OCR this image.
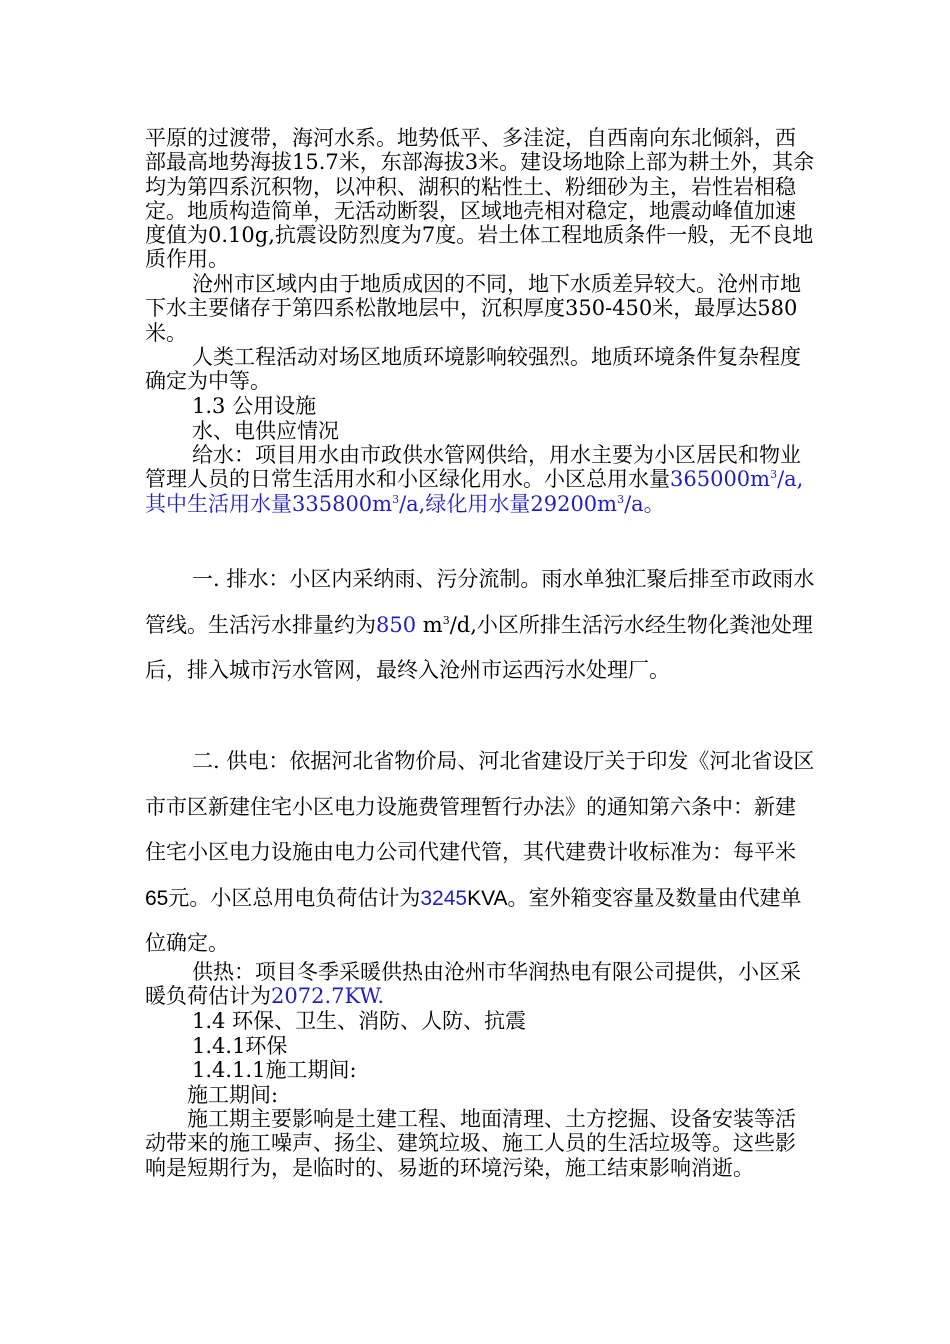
平原的过渡带，海河水系。地势低平、多洼淀，自西南向东北倾斜，西部最高地势海拔15.7米，东部海拔3米。建设场地除上部为耕土外，其余均为第四系沉积物，以冲积、湖积的粘性土、粉细砂为主，岩性岩相稳定。地质构造简单，无活动断裂，区域地壳相对稳定，地震动峰值加速度值为0.10g,抗震设防烈度为7度。岩土体工程地质条件一般，无不良地质作用。

沧州市区域内由于地质成因的不同，地下水质差异较大。沧州市地下水主要储存于第四系松散地层中，沉积厚度350-450米，最厚达580米。

人类工程活动对场区地质环境影响较强烈。地质环境条件复杂程度确定为中等。

1.3 公用设施

水、电供应情况

给水：项目用水由市政供水管网供给，用水主要为小区居民和物业管理人员的日常生活用水和小区绿化用水。小区总用水量$365000m^3/a$,其中生活用水量$335800m^3/a$,绿化用水量$29200m^3/a$。

一. 排水：小区内采纳雨、污分流制。雨水单独汇聚后排至市政雨水管线。生活污水排量约为850 $m^3/d$,小区所排生活污水经生物化粪池处理后，排入城市污水管网，最终入沧州市运西污水处理厂。

二. 供电：依据河北省物价局、河北省建设厅关于印发《河北省设区市市区新建住宅小区电力设施费管理暂行办法》的通知第六条中：新建住宅小区电力设施由电力公司代建代管，其代建费计收标准为：每平米65元。小区总用电负荷估计为3245KVA。室外箱变容量及数量由代建单位确定。

供热：项目冬季采暖供热由沧州市华润热电有限公司提供，小区采暖负荷估计为2072.7KW.

1.4 环保、卫生、消防、人防、抗震

1.4.1环保

1.4.1.1施工期间:

施工期间:

施工期主要影响是土建工程、地面清理、土方挖掘、设备安装等活动带来的施工噪声、扬尘、建筑垃圾、施工人员的生活垃圾等。这些影响是短期行为，是临时的、易逝的环境污染，施工结束影响消逝。
